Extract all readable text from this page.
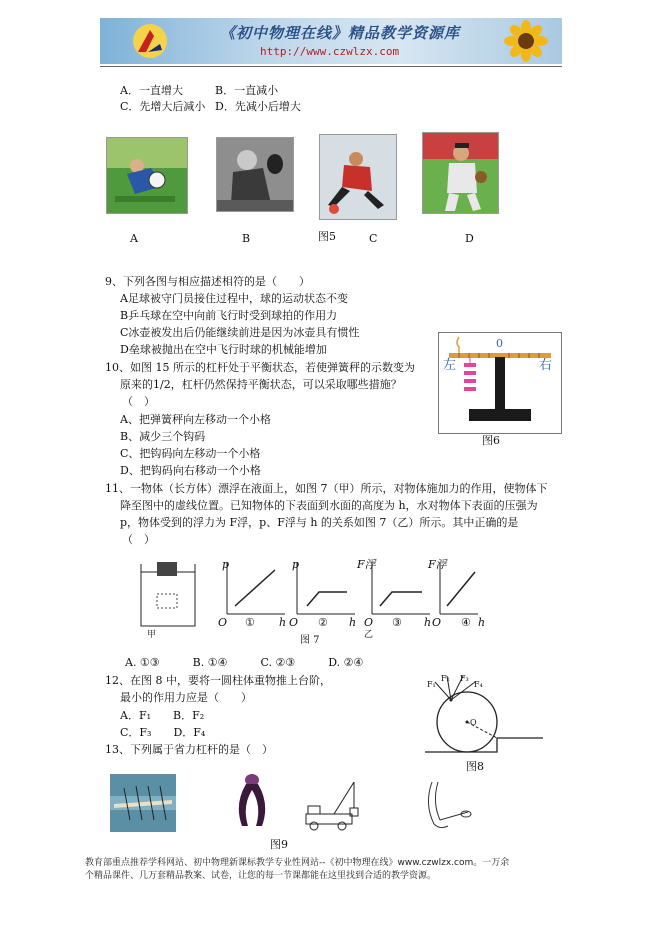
《初中物理在线》精品教学资源库
http://www.czwlzx.com
A．一直增大	B．一直减小
C．先增大后减小 D．先减小后增大
A	B	图5	C	D
9、下列各图与相应描述相符的是（　　）
A足球被守门员接住过程中，球的运动状态不变
B乒乓球在空中向前飞行时受到球拍的作用力
C冰壶被发出后仍能继续前进是因为冰壶具有惯性
D垒球被抛出在空中飞行时球的机械能增加
10、如图 15 所示的杠杆处于平衡状态，若使弹簧秤的示数变为
原来的1/2，杠杆仍然保持平衡状态，可以采取哪些措施？
（　）
A、把弹簧秤向左移动一个小格
B、减少三个钩码
C、把钩码向左移动一个小格
D、把钩码向右移动一个小格
左	右
0
图6
11、一物体（长方体）漂浮在液面上，如图 7（甲）所示，对物体施加力的作用，使物体下
降至图中的虚线位置。已知物体的下表面到水面的高度为 h，水对物体下表面的压强为
p，物体受到的浮力为 F浮，p、F浮与 h 的关系如图 7（乙）所示。其中正确的是
（　）
甲
p
①
O	h
p
②
O	h
F浮
③
O	h
乙
F浮
④
O	h
图 7
A. ①③　　　B. ①④　　　C. ②③　　　D. ②④
12、在图 8 中，要将一圆柱体重物推上台阶，
最小的作用力应是（　　）
A．F₁　　B．F₂
C．F₃　　D．F₄
F₁
F₂ F₃
F₄
O
图8
13、下列属于省力杠杆的是（　）
图9
教育部重点推荐学科网站、初中物理新课标教学专业性网站--《初中物理在线》www.czwlzx.com。一万余
个精品课件、几万套精品教案、试卷，让您的每一节课都能在这里找到合适的教学资源。
